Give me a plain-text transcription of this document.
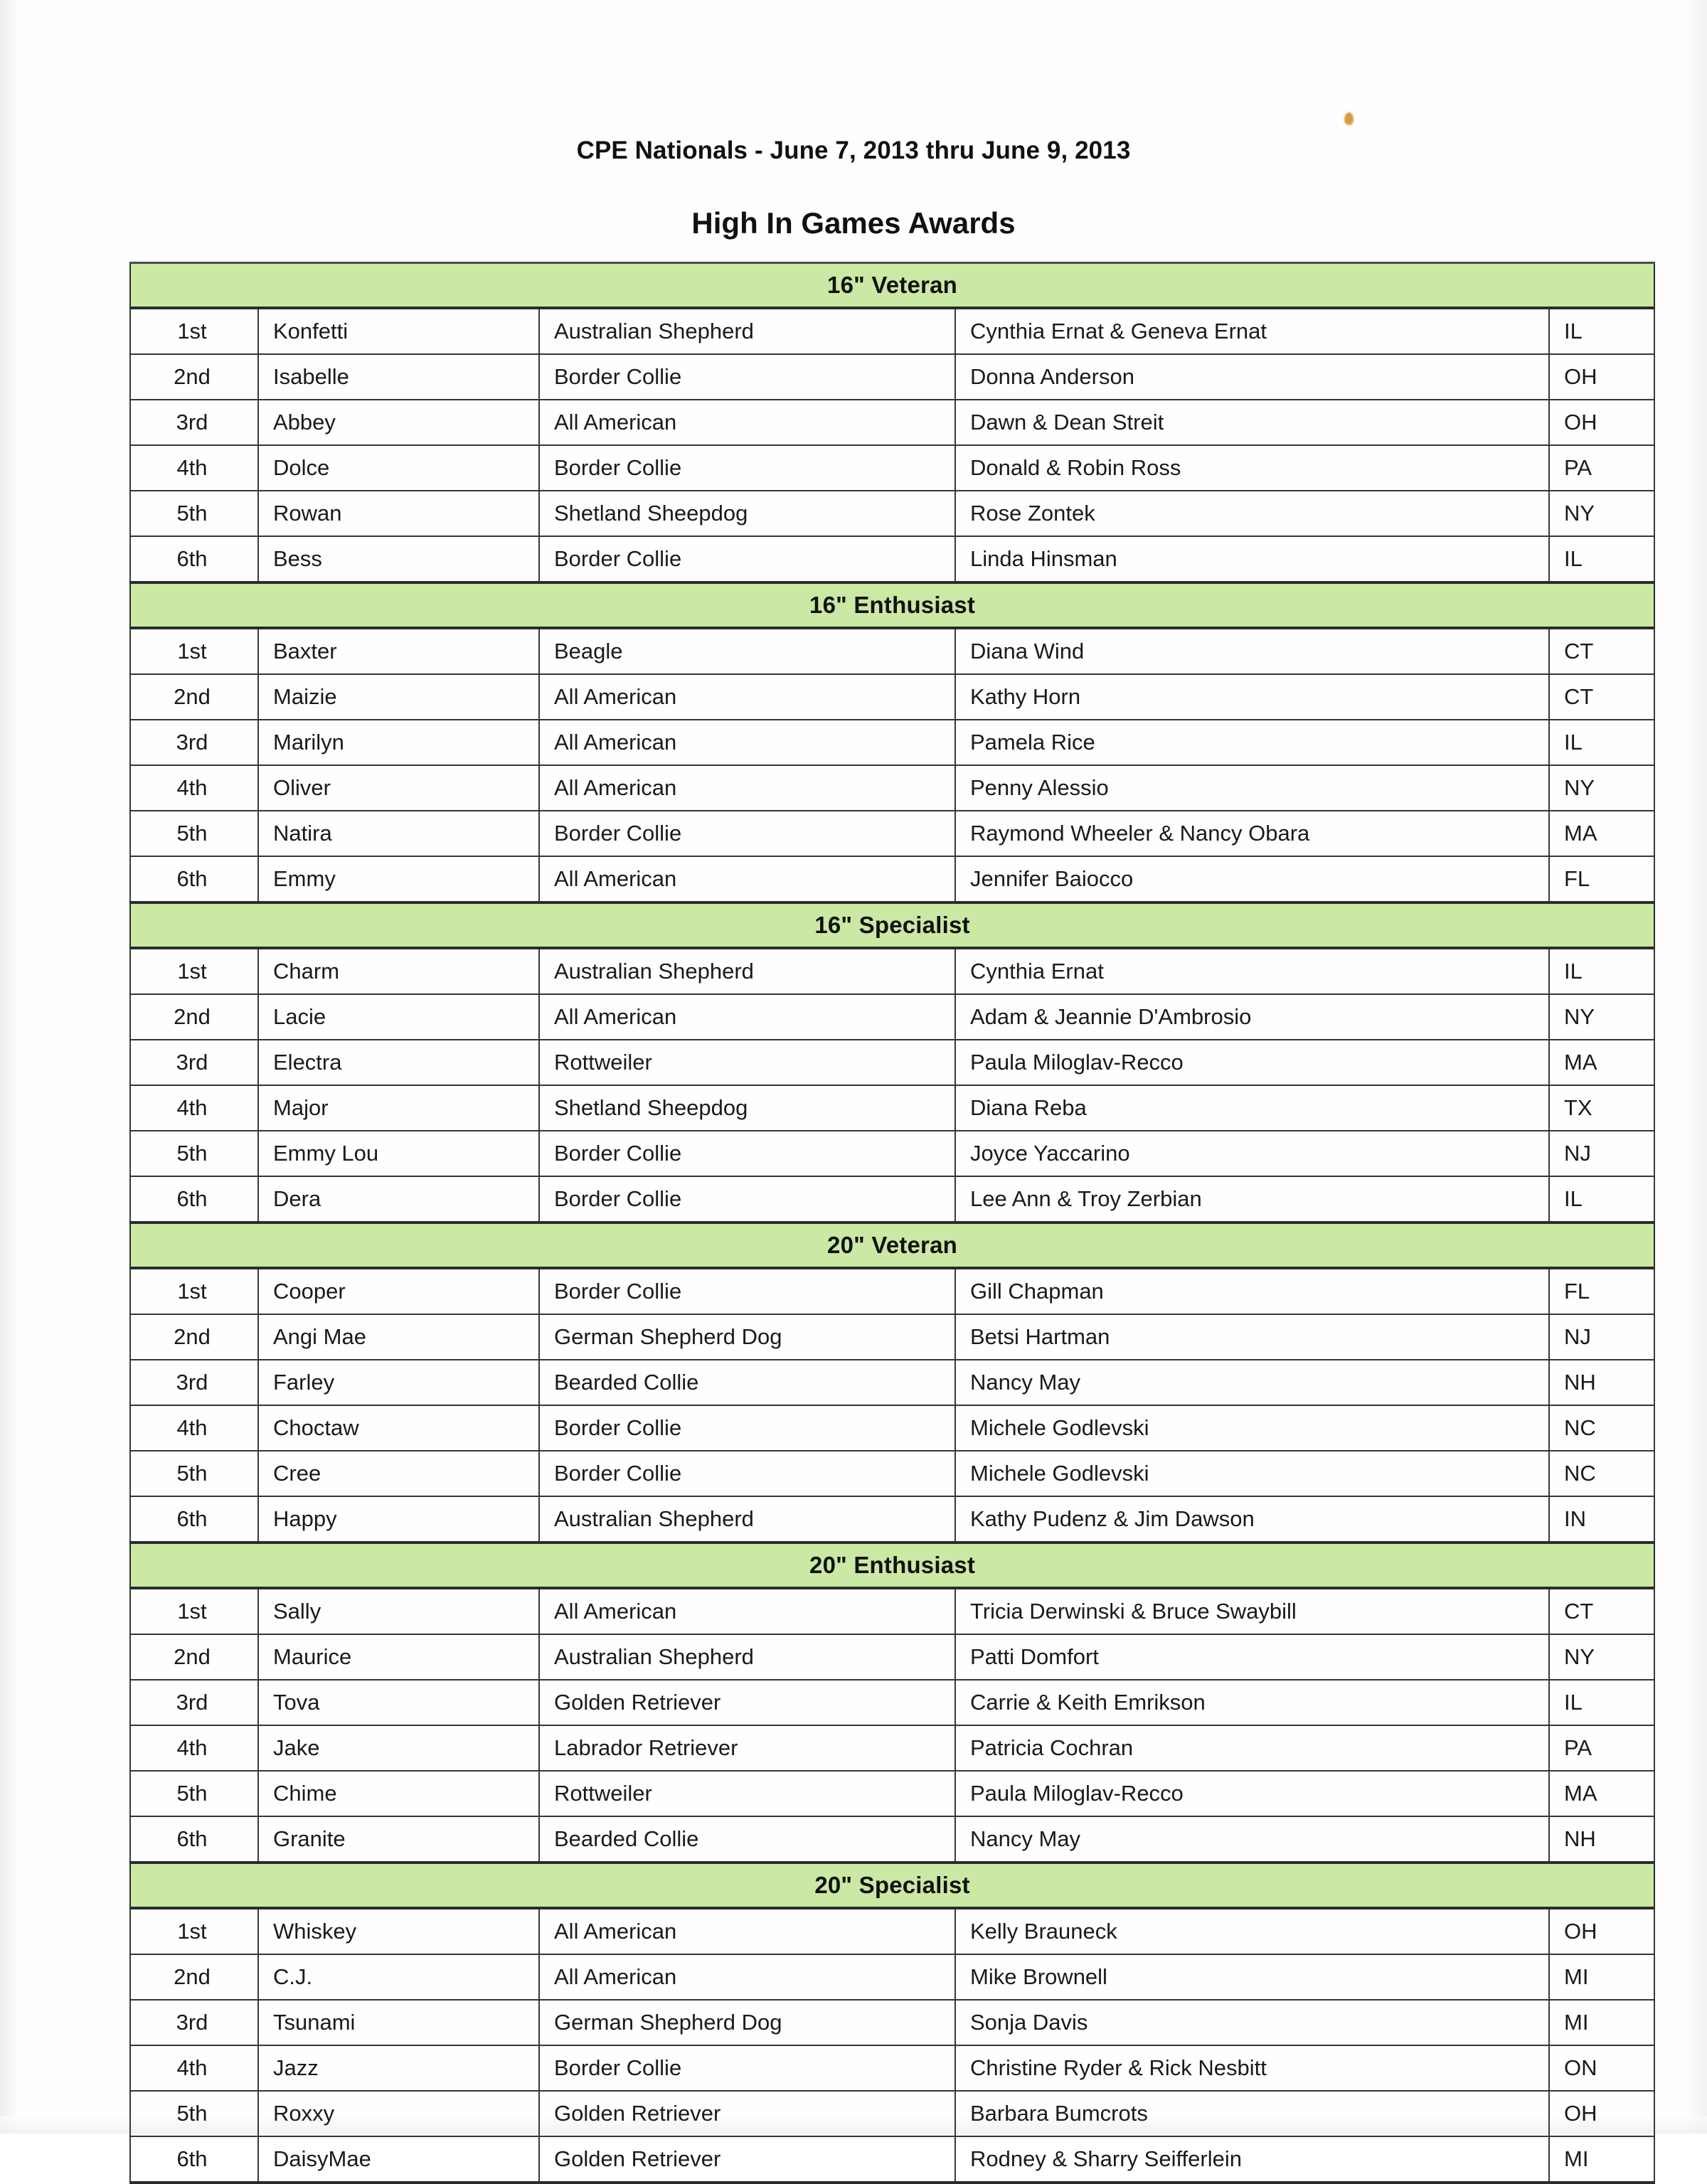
CPE Nationals - June 7, 2013 thru June 9, 2013
High In Games Awards
16" Veteran				
1st	Konfetti	Australian Shepherd	Cynthia Ernat & Geneva Ernat	IL
2nd	Isabelle	Border Collie	Donna Anderson	OH
3rd	Abbey	All American	Dawn & Dean Streit	OH
4th	Dolce	Border Collie	Donald & Robin Ross	PA
5th	Rowan	Shetland Sheepdog	Rose Zontek	NY
6th	Bess	Border Collie	Linda Hinsman	IL
16" Enthusiast				
1st	Baxter	Beagle	Diana Wind	CT
2nd	Maizie	All American	Kathy Horn	CT
3rd	Marilyn	All American	Pamela Rice	IL
4th	Oliver	All American	Penny Alessio	NY
5th	Natira	Border Collie	Raymond Wheeler & Nancy Obara	MA
6th	Emmy	All American	Jennifer Baiocco	FL
16" Specialist				
1st	Charm	Australian Shepherd	Cynthia Ernat	IL
2nd	Lacie	All American	Adam & Jeannie D'Ambrosio	NY
3rd	Electra	Rottweiler	Paula Miloglav-Recco	MA
4th	Major	Shetland Sheepdog	Diana Reba	TX
5th	Emmy Lou	Border Collie	Joyce Yaccarino	NJ
6th	Dera	Border Collie	Lee Ann & Troy Zerbian	IL
20" Veteran				
1st	Cooper	Border Collie	Gill Chapman	FL
2nd	Angi Mae	German Shepherd Dog	Betsi Hartman	NJ
3rd	Farley	Bearded Collie	Nancy May	NH
4th	Choctaw	Border Collie	Michele Godlevski	NC
5th	Cree	Border Collie	Michele Godlevski	NC
6th	Happy	Australian Shepherd	Kathy Pudenz & Jim Dawson	IN
20" Enthusiast				
1st	Sally	All American	Tricia Derwinski & Bruce Swaybill	CT
2nd	Maurice	Australian Shepherd	Patti Domfort	NY
3rd	Tova	Golden Retriever	Carrie & Keith Emrikson	IL
4th	Jake	Labrador Retriever	Patricia Cochran	PA
5th	Chime	Rottweiler	Paula Miloglav-Recco	MA
6th	Granite	Bearded Collie	Nancy May	NH
20" Specialist				
1st	Whiskey	All American	Kelly Brauneck	OH
2nd	C.J.	All American	Mike Brownell	MI
3rd	Tsunami	German Shepherd Dog	Sonja Davis	MI
4th	Jazz	Border Collie	Christine Ryder & Rick Nesbitt	ON
5th	Roxxy	Golden Retriever	Barbara Bumcrots	OH
6th	DaisyMae	Golden Retriever	Rodney & Sharry Seifferlein	MI
